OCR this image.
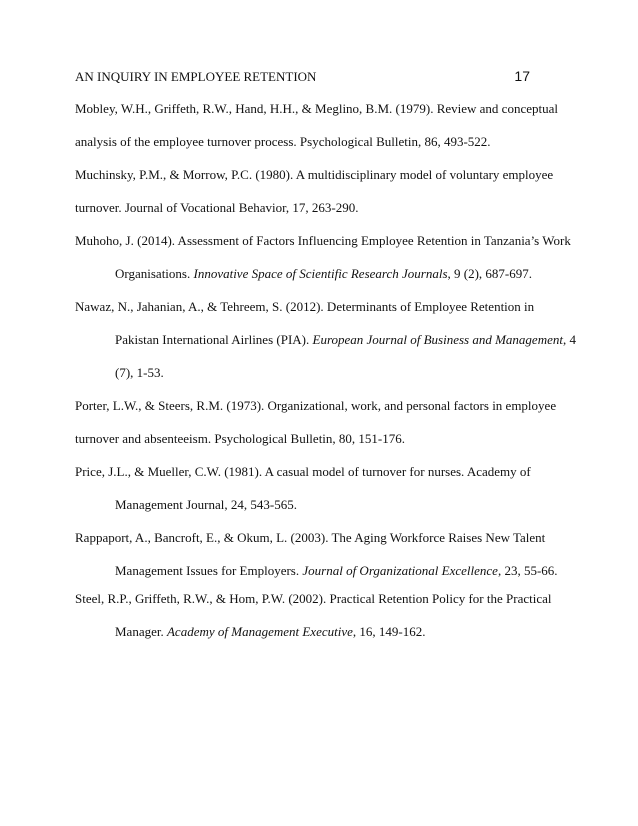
AN INQUIRY IN EMPLOYEE RETENTION	17
Mobley, W.H., Griffeth, R.W., Hand, H.H., & Meglino, B.M. (1979). Review and conceptual
analysis of the employee turnover process. Psychological Bulletin, 86, 493-522.
Muchinsky, P.M., & Morrow, P.C. (1980). A multidisciplinary model of voluntary employee
turnover. Journal of Vocational Behavior, 17, 263-290.
Muhoho, J. (2014). Assessment of Factors Influencing Employee Retention in Tanzania’s Work
Organisations. Innovative Space of Scientific Research Journals, 9 (2), 687-697.
Nawaz, N., Jahanian, A., & Tehreem, S. (2012). Determinants of Employee Retention in
Pakistan International Airlines (PIA). European Journal of Business and Management, 4
(7), 1-53.
Porter, L.W., & Steers, R.M. (1973). Organizational, work, and personal factors in employee
turnover and absenteeism. Psychological Bulletin, 80, 151-176.
Price, J.L., & Mueller, C.W. (1981). A casual model of turnover for nurses. Academy of
Management Journal, 24, 543-565.
Rappaport, A., Bancroft, E., & Okum, L. (2003). The Aging Workforce Raises New Talent
Management Issues for Employers. Journal of Organizational Excellence, 23, 55-66.
Steel, R.P., Griffeth, R.W., & Hom, P.W. (2002). Practical Retention Policy for the Practical
Manager. Academy of Management Executive, 16, 149-162.
